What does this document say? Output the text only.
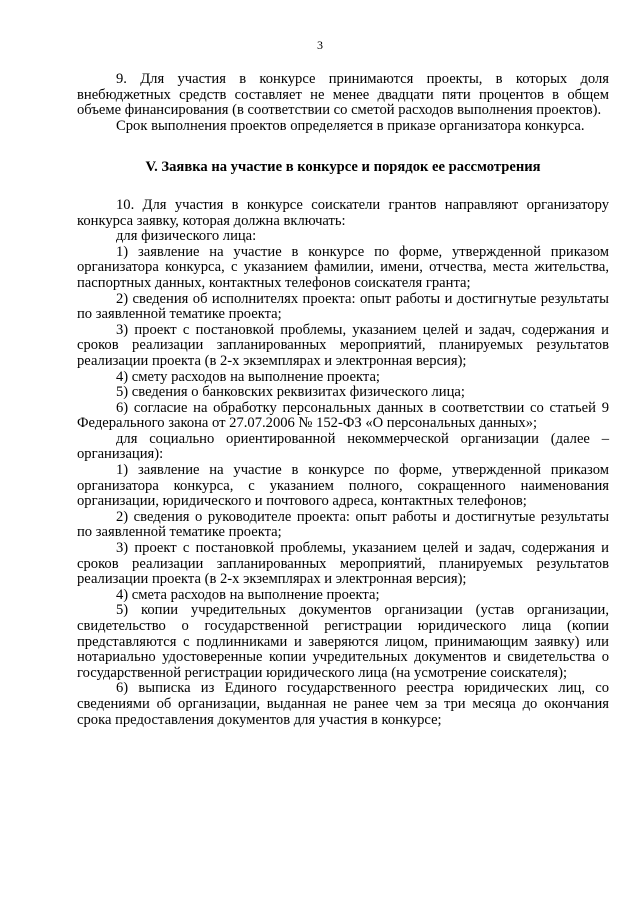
3

9. Для участия в конкурсе принимаются проекты, в которых доля внебюджетных средств составляет не менее двадцати пяти процентов в общем объеме финансирования (в соответствии со сметой расходов выполнения проектов).

Срок выполнения проектов определяется в приказе организатора конкурса.

V. Заявка на участие в конкурсе и порядок ее рассмотрения

10. Для участия в конкурсе соискатели грантов направляют организатору конкурса заявку, которая должна включать:

для физического лица:

1) заявление на участие в конкурсе по форме, утвержденной приказом организатора конкурса, с указанием фамилии, имени, отчества, места жительства, паспортных данных, контактных телефонов соискателя гранта;

2) сведения об исполнителях проекта: опыт работы и достигнутые результаты по заявленной тематике проекта;

3) проект с постановкой проблемы, указанием целей и задач, содержания и сроков реализации запланированных мероприятий, планируемых результатов реализации проекта (в 2-х экземплярах и электронная версия);

4) смету расходов на выполнение проекта;

5) сведения о банковских реквизитах физического лица;

6) согласие на обработку персональных данных в соответствии со статьей 9 Федерального закона от 27.07.2006 № 152-ФЗ «О персональных данных»;

для социально ориентированной некоммерческой организации (далее – организация):

1) заявление на участие в конкурсе по форме, утвержденной приказом организатора конкурса, с указанием полного, сокращенного наименования организации, юридического и почтового адреса, контактных телефонов;

2) сведения о руководителе проекта: опыт работы и достигнутые результаты по заявленной тематике проекта;

3) проект с постановкой проблемы, указанием целей и задач, содержания и сроков реализации запланированных мероприятий, планируемых результатов реализации проекта (в 2-х экземплярах и электронная версия);

4) смета расходов на выполнение проекта;

5) копии учредительных документов организации (устав организации, свидетельство о государственной регистрации юридического лица (копии представляются с подлинниками и заверяются лицом, принимающим заявку) или нотариально удостоверенные копии учредительных документов и свидетельства о государственной регистрации юридического лица (на усмотрение соискателя);

6) выписка из Единого государственного реестра юридических лиц, со сведениями об организации, выданная не ранее чем за три месяца до окончания срока предоставления документов для участия в конкурсе;
